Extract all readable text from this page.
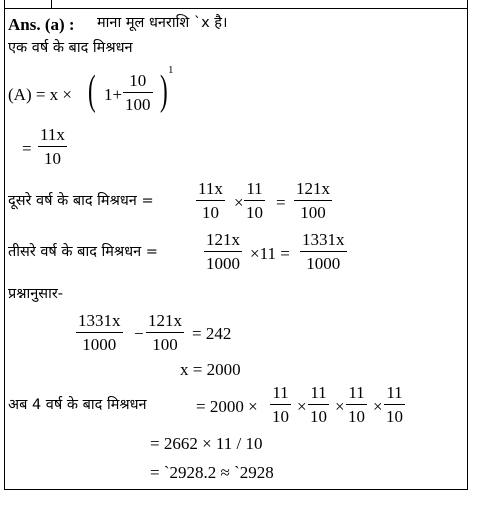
Ans. (a) : माना मूल धनराशि `x है।
एक वर्ष के बाद मिश्रधन
(A) = x × ( $1+ \frac{10}{100}$ ) 1
= $\frac{11x}{10}$
दूसरे वर्ष के बाद मिश्रधन = $\frac{11x}{10} \times \frac{11}{10} = \frac{121x}{100}$
तीसरे वर्ष के बाद मिश्रधन =	$\frac{121x}{1000} \times 11 = \frac{1331x}{1000}$
प्रश्नानुसार-
$\frac{1331x}{1000} - \frac{121x}{100} = 242$
x = 2000
अब 4 वर्ष के बाद मिश्रधन	= $2000 \times \frac{11}{10} \times \frac{11}{10} \times \frac{11}{10} \times \frac{11}{10}$
= 2662 × 11 / 10
= `2928.2 ≈ `2928
